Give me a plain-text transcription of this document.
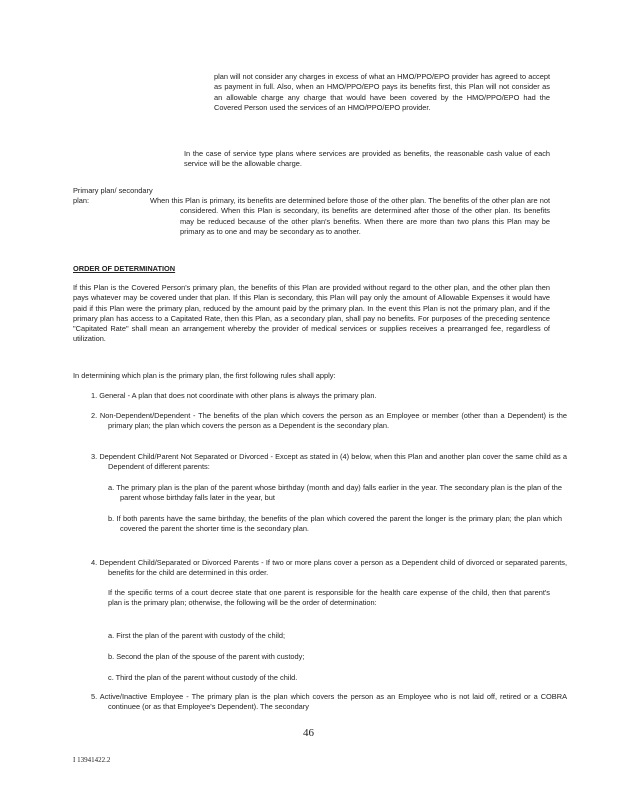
plan will not consider any charges in excess of what an HMO/PPO/EPO provider has agreed to accept as payment in full. Also, when an HMO/PPO/EPO pays its benefits first, this Plan will not consider as an allowable charge any charge that would have been covered by the HMO/PPO/EPO had the Covered Person used the services of an HMO/PPO/EPO provider.

In the case of service type plans where services are provided as benefits, the reasonable cash value of each service will be the allowable charge.

Primary plan/ secondary plan:	When this Plan is primary, its benefits are determined before those of the other plan. The benefits of the other plan are not considered. When this Plan is secondary, its benefits are determined after those of the other plan. Its benefits may be reduced because of the other plan's benefits. When there are more than two plans this Plan may be primary as to one and may be secondary as to another.

ORDER OF DETERMINATION

If this Plan is the Covered Person's primary plan, the benefits of this Plan are provided without regard to the other plan, and the other plan then pays whatever may be covered under that plan. If this Plan is secondary, this Plan will pay only the amount of Allowable Expenses it would have paid if this Plan were the primary plan, reduced by the amount paid by the primary plan. In the event this Plan is not the primary plan, and if the primary plan has access to a Capitated Rate, then this Plan, as a secondary plan, shall pay no benefits. For purposes of the preceding sentence "Capitated Rate" shall mean an arrangement whereby the provider of medical services or supplies receives a prearranged fee, regardless of utilization.

In determining which plan is the primary plan, the first following rules shall apply:

1. General - A plan that does not coordinate with other plans is always the primary plan.

2. Non-Dependent/Dependent - The benefits of the plan which covers the person as an Employee or member (other than a Dependent) is the primary plan; the plan which covers the person as a Dependent is the secondary plan.

3. Dependent Child/Parent Not Separated or Divorced - Except as stated in (4) below, when this Plan and another plan cover the same child as a Dependent of different parents:

a. The primary plan is the plan of the parent whose birthday (month and day) falls earlier in the year. The secondary plan is the plan of the parent whose birthday falls later in the year, but

b. If both parents have the same birthday, the benefits of the plan which covered the parent the longer is the primary plan; the plan which covered the parent the shorter time is the secondary plan.

4. Dependent Child/Separated or Divorced Parents - If two or more plans cover a person as a Dependent child of divorced or separated parents, benefits for the child are determined in this order.

If the specific terms of a court decree state that one parent is responsible for the health care expense of the child, then that parent's plan is the primary plan; otherwise, the following will be the order of determination:

a. First the plan of the parent with custody of the child;

b. Second the plan of the spouse of the parent with custody;

c. Third the plan of the parent without custody of the child.

5. Active/Inactive Employee - The primary plan is the plan which covers the person as an Employee who is not laid off, retired or a COBRA continuee (or as that Employee's Dependent). The secondary

46
I 13941422.2
